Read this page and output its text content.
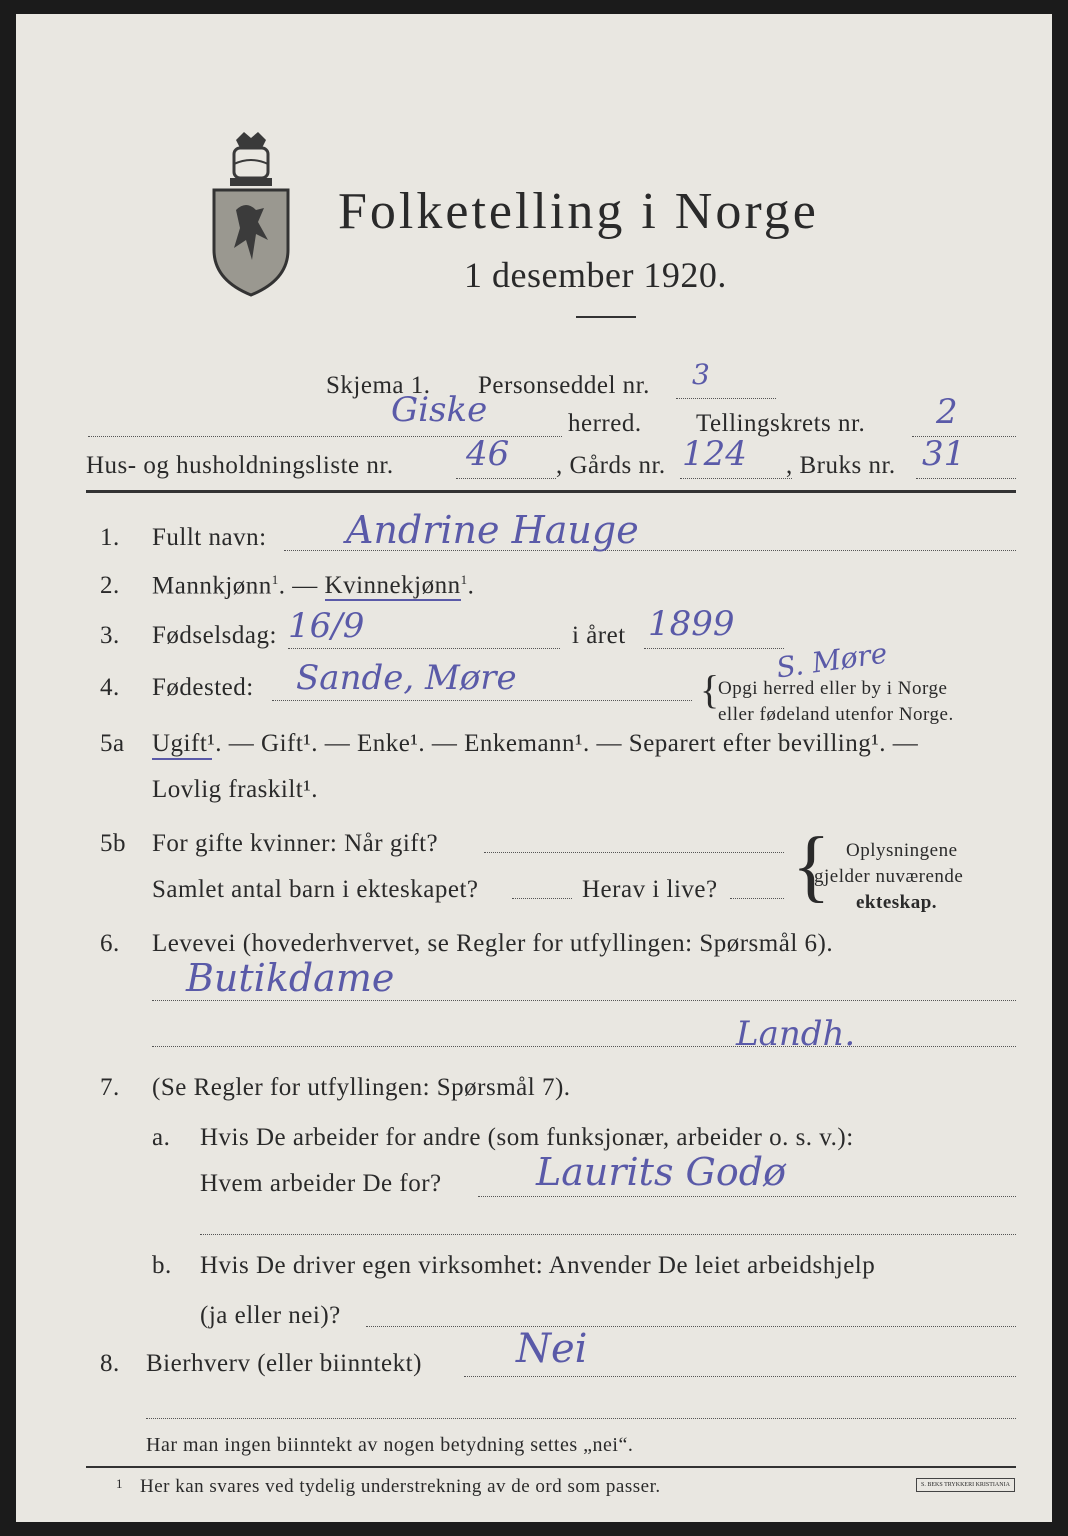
Folketelling i Norge
1 desember 1920.
Skjema 1. Personseddel nr. 3
Giske	herred. Tellingskrets nr. 2
Hus- og husholdningsliste nr. 46 , Gårds nr. 124 , Bruks nr. 31
1. Fullt navn: Andrine Hauge
2. Mannkjønn$^1$. — Kvinnekjønn$^1$.
3. Fødselsdag: 16/9	i året 1899
S. Møre
4. Fødested: Sande, Møre	{
Opgi herred eller by i Norge
eller fødeland utenfor Norge.
5a Ugift¹. — Gift¹. — Enke¹. — Enkemann¹. — Separert efter bevilling¹. —
Lovlig fraskilt¹.
5b For gifte kvinner: Når gift?
Samlet antal barn i ekteskapet?	Herav i live? { Oplysningene
gjelder nuværende
ekteskap.
6. Levevei (hovederhvervet, se Regler for utfyllingen: Spørsmål 6).
Butikdame
Landh.
7. (Se Regler for utfyllingen: Spørsmål 7).
a. Hvis De arbeider for andre (som funksjonær, arbeider o. s. v.):
Hvem arbeider De for? Laurits Godø
b. Hvis De driver egen virksomhet: Anvender De leiet arbeidshjelp
(ja eller nei)?
8. Bierhverv (eller biinntekt) Nei
Har man ingen biinntekt av nogen betydning settes „nei“.
1 Her kan svares ved tydelig understrekning av de ord som passer.	S. BEKS TRYKKERI KRISTIANIA
